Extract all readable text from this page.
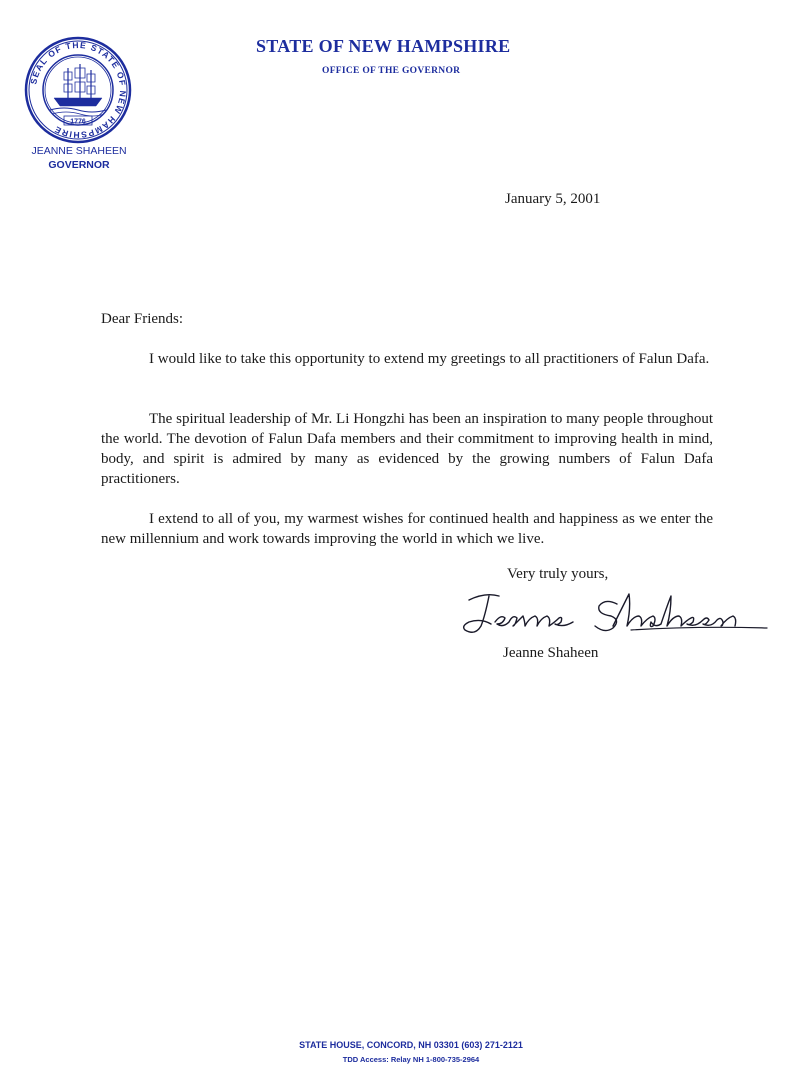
SEAL OF THE STATE OF NEW HAMPSHIRE
1776
JEANNE SHAHEEN
GOVERNOR
STATE OF NEW HAMPSHIRE
OFFICE OF THE GOVERNOR
January 5, 2001
Dear Friends:
I would like to take this opportunity to extend my greetings to all practitioners of Falun Dafa.
The spiritual leadership of Mr. Li Hongzhi has been an inspiration to many people throughout the world. The devotion of Falun Dafa members and their commitment to improving health in mind, body, and spirit is admired by many as evidenced by the growing numbers of Falun Dafa practitioners.
I extend to all of you, my warmest wishes for continued health and happiness as we enter the new millennium and work towards improving the world in which we live.
Very truly yours,
Jeanne Shaheen
STATE HOUSE, CONCORD, NH 03301 (603) 271-2121
TDD Access: Relay NH 1-800-735-2964
